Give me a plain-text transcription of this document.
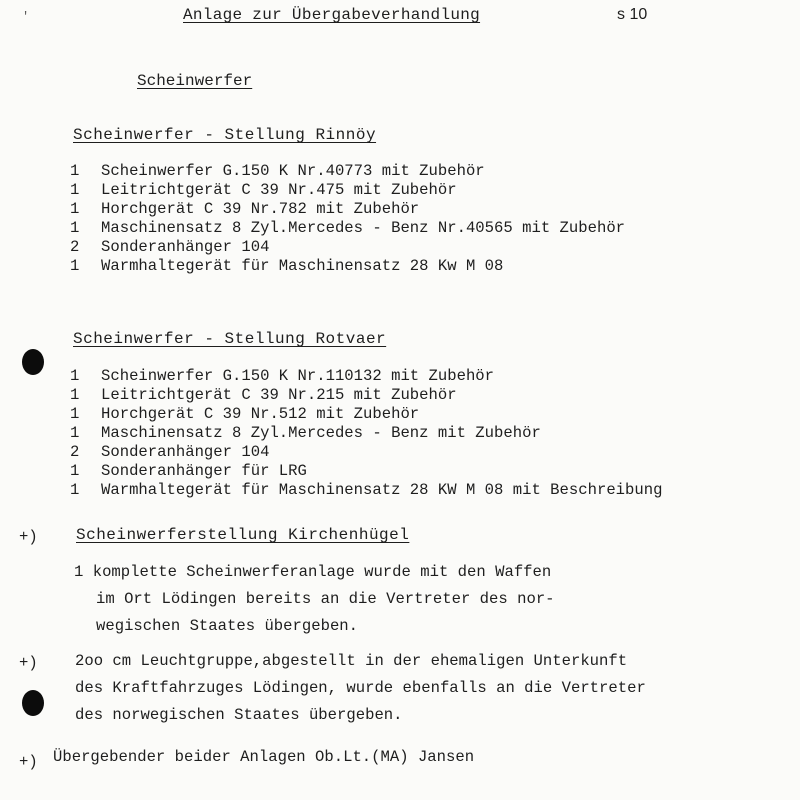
'	Anlage zur Übergabeverhandlung	s 10
Scheinwerfer
Scheinwerfer - Stellung Rinnöy
1 Scheinwerfer G.150 K Nr.40773 mit Zubehör
1 Leitrichtgerät C 39 Nr.475 mit Zubehör
1 Horchgerät C 39 Nr.782 mit Zubehör
1 Maschinensatz 8 Zyl.Mercedes - Benz Nr.40565 mit Zubehör
2 Sonderanhänger 104
1 Warmhaltegerät für Maschinensatz 28 Kw M 08
Scheinwerfer - Stellung Rotvaer
1 Scheinwerfer G.150 K Nr.110132 mit Zubehör
1 Leitrichtgerät C 39 Nr.215 mit Zubehör
1 Horchgerät C 39 Nr.512 mit Zubehör
1 Maschinensatz 8 Zyl.Mercedes - Benz mit Zubehör
2 Sonderanhänger 104
1 Sonderanhänger für LRG
1 Warmhaltegerät für Maschinensatz 28 KW M 08 mit Beschreibung
+) Scheinwerferstellung Kirchenhügel
1 komplette Scheinwerferanlage wurde mit den Waffen
im Ort Lödingen bereits an die Vertreter des nor-
wegischen Staates übergeben.
+) 2oo cm Leuchtgruppe,abgestellt in der ehemaligen Unterkunft
des Kraftfahrzuges Lödingen, wurde ebenfalls an die Vertreter
des norwegischen Staates übergeben.
+) Übergebender beider Anlagen Ob.Lt.(MA) Jansen
